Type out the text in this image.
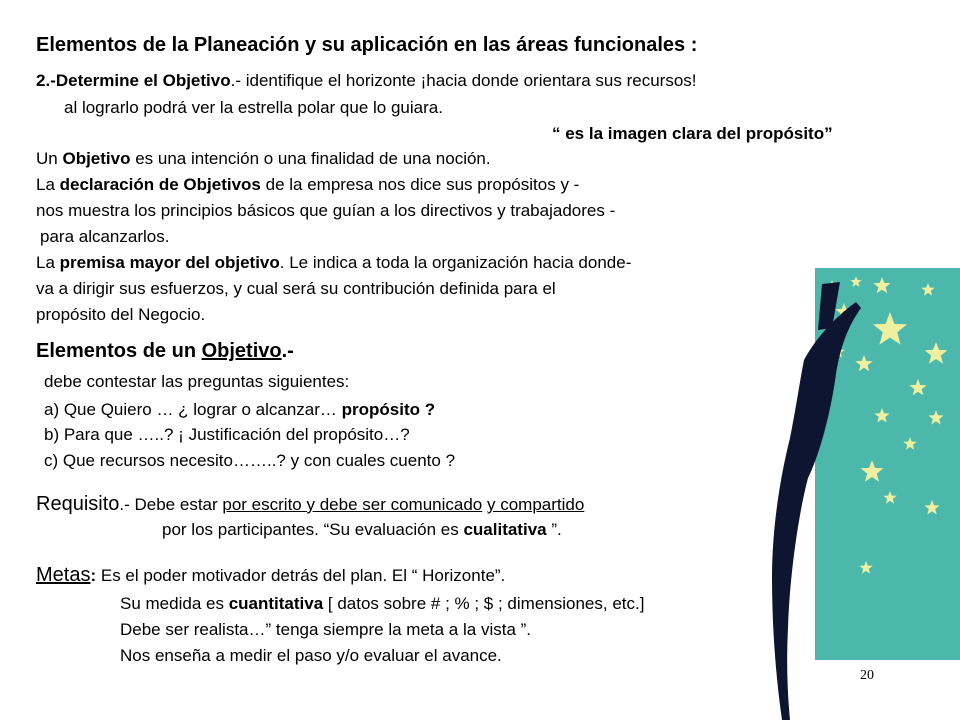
Elementos de la Planeación y su aplicación en las áreas funcionales :
2.-Determine el Objetivo.- identifique el horizonte ¡hacia donde orientara sus recursos!
al lograrlo podrá ver la estrella polar que lo guiara.
“ es la imagen clara del propósito”
Un Objetivo es una intención o una finalidad de una noción.
La declaración de Objetivos de la empresa nos dice sus propósitos y -
nos muestra los principios básicos que guían a los directivos y trabajadores -
para alcanzarlos.
La premisa mayor del objetivo. Le indica a toda la organización hacia donde-
va a dirigir sus esfuerzos, y cual será su contribución definida para el
propósito del Negocio.
Elementos de un Objetivo.-
debe contestar las preguntas siguientes:
a) Que Quiero … ¿ lograr o alcanzar… propósito ?
b) Para que …..? ¡ Justificación del propósito…?
c) Que recursos necesito……..? y con cuales cuento ?
Requisito.- Debe estar por escrito y debe ser comunicado y compartido
por los participantes. “Su evaluación es cualitativa ”.
Metas: Es el poder motivador detrás del plan. El “ Horizonte”.
Su medida es cuantitativa [ datos sobre # ; % ; $ ; dimensiones, etc.]
Debe ser realista…” tenga siempre la meta a la vista ”.
Nos enseña a medir el paso y/o evaluar el avance.
20
